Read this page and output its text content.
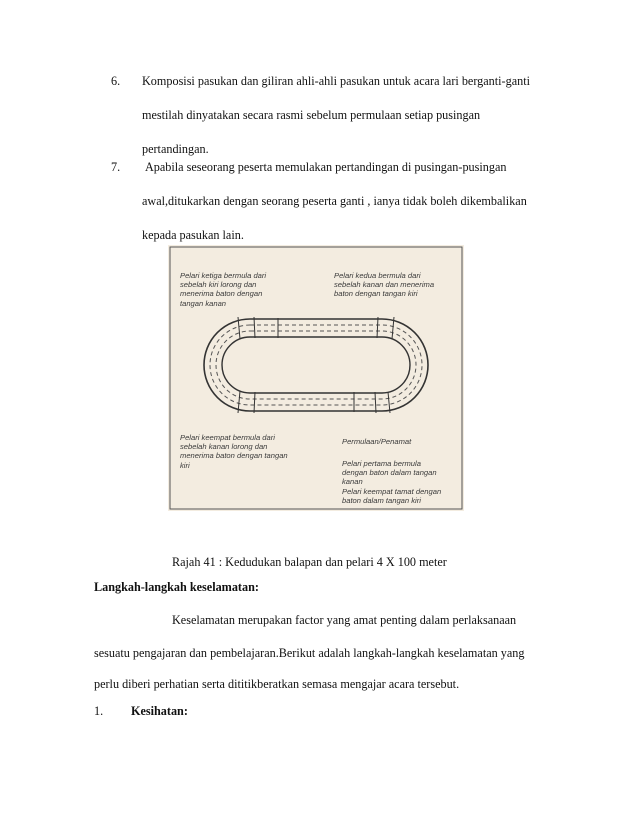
6. Komposisi pasukan dan giliran ahli-ahli pasukan untuk acara lari berganti-ganti
mestilah dinyatakan secara rasmi sebelum permulaan setiap pusingan
pertandingan.
7. Apabila seseorang peserta memulakan pertandingan di pusingan-pusingan
awal,ditukarkan dengan seorang peserta ganti , ianya tidak boleh dikembalikan
kepada pasukan lain.
Pelari ketiga bermula dari
sebelah kiri lorong dan
menerima baton dengan
tangan kanan
Pelari kedua bermula dari
sebelah kanan dan menerima
baton dengan tangan kiri
Pelari keempat bermula dari
sebelah kanan lorong dan
menerima baton dengan tangan
kiri
Permulaan/Penamat
Pelari pertama bermula
dengan baton dalam tangan
kanan
Pelari keempat tamat dengan
baton dalam tangan kiri
Rajah 41 : Kedudukan balapan dan pelari 4 X 100 meter
Langkah-langkah keselamatan:
Keselamatan merupakan factor yang amat penting dalam perlaksanaan
sesuatu pengajaran dan pembelajaran.Berikut adalah langkah-langkah keselamatan yang
perlu diberi perhatian serta dititikberatkan semasa mengajar acara tersebut.
1. Kesihatan:
